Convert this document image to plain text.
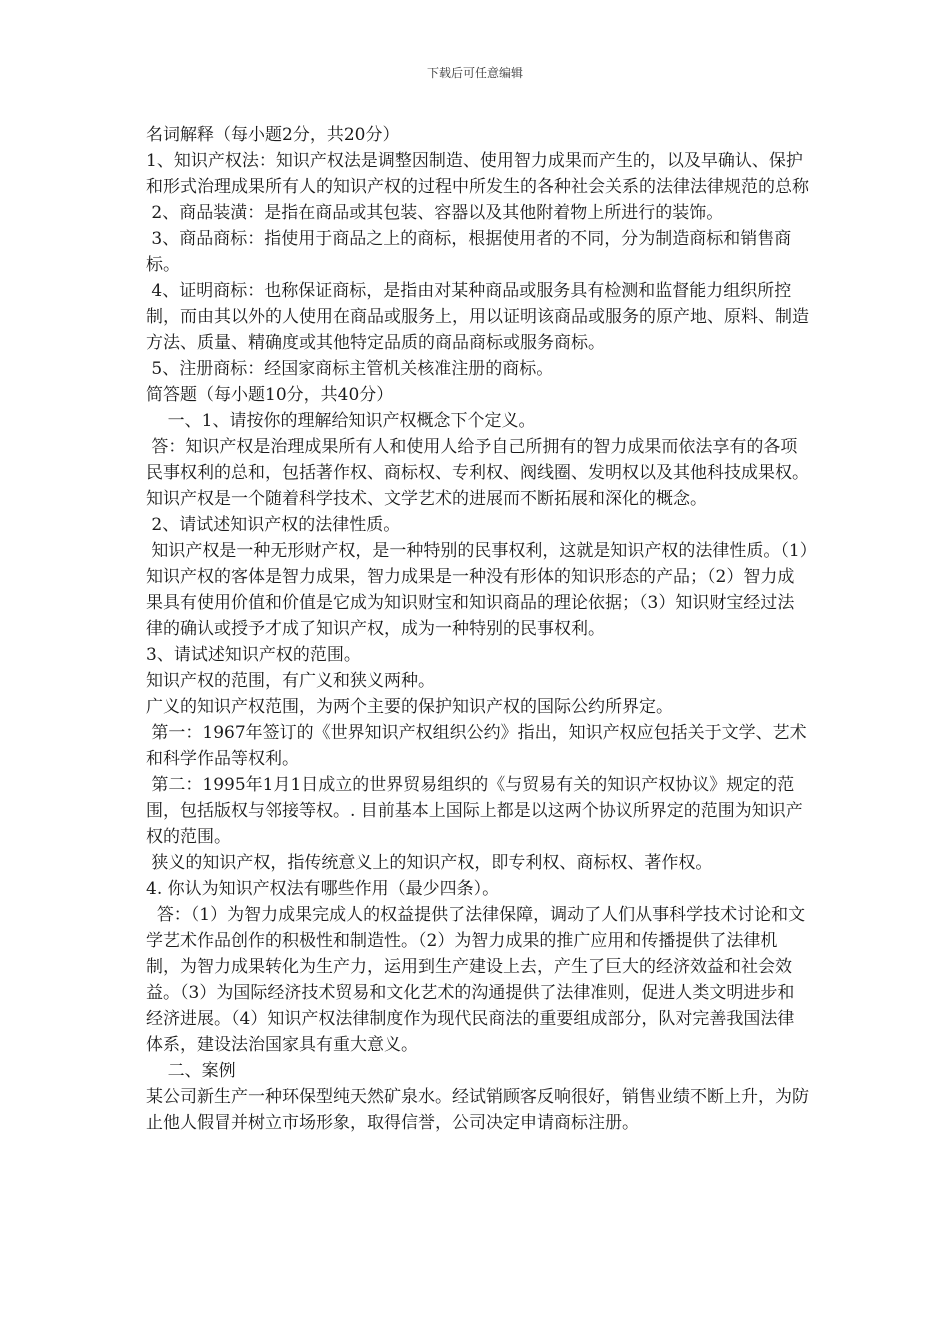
下载后可任意编辑

名词解释（每小题2分，共20分）

1、知识产权法：知识产权法是调整因制造、使用智力成果而产生的，以及早确认、保护和形式治理成果所有人的知识产权的过程中所发生的各种社会关系的法律法律规范的总称

2、商品装潢：是指在商品或其包装、容器以及其他附着物上所进行的装饰。

3、商品商标：指使用于商品之上的商标，根据使用者的不同，分为制造商标和销售商标。

4、证明商标：也称保证商标，是指由对某种商品或服务具有检测和监督能力组织所控制，而由其以外的人使用在商品或服务上，用以证明该商品或服务的原产地、原料、制造方法、质量、精确度或其他特定品质的商品商标或服务商标。

5、注册商标：经国家商标主管机关核准注册的商标。

简答题（每小题10分，共40分）

一、1、请按你的理解给知识产权概念下个定义。

答：知识产权是治理成果所有人和使用人给予自己所拥有的智力成果而依法享有的各项民事权利的总和，包括著作权、商标权、专利权、阀线圈、发明权以及其他科技成果权。知识产权是一个随着科学技术、文学艺术的进展而不断拓展和深化的概念。

2、请试述知识产权的法律性质。

知识产权是一种无形财产权，是一种特别的民事权利，这就是知识产权的法律性质。（1）知识产权的客体是智力成果，智力成果是一种没有形体的知识形态的产品；（2）智力成果具有使用价值和价值是它成为知识财宝和知识商品的理论依据；（3）知识财宝经过法律的确认或授予才成了知识产权，成为一种特别的民事权利。

3、请试述知识产权的范围。

知识产权的范围，有广义和狭义两种。

广义的知识产权范围，为两个主要的保护知识产权的国际公约所界定。

第一：1967年签订的《世界知识产权组织公约》指出，知识产权应包括关于文学、艺术和科学作品等权利。

第二：1995年1月1日成立的世界贸易组织的《与贸易有关的知识产权协议》规定的范围，包括版权与邻接等权。. 目前基本上国际上都是以这两个协议所界定的范围为知识产权的范围。

狭义的知识产权，指传统意义上的知识产权，即专利权、商标权、著作权。

4. 你认为知识产权法有哪些作用（最少四条）。

答：（1）为智力成果完成人的权益提供了法律保障，调动了人们从事科学技术讨论和文学艺术作品创作的积极性和制造性。（2）为智力成果的推广应用和传播提供了法律机制，为智力成果转化为生产力，运用到生产建设上去，产生了巨大的经济效益和社会效益。（3）为国际经济技术贸易和文化艺术的沟通提供了法律准则，促进人类文明进步和经济进展。（4）知识产权法律制度作为现代民商法的重要组成部分，队对完善我国法律体系，建设法治国家具有重大意义。

二、案例

某公司新生产一种环保型纯天然矿泉水。经试销顾客反响很好，销售业绩不断上升，为防止他人假冒并树立市场形象，取得信誉，公司决定申请商标注册。
